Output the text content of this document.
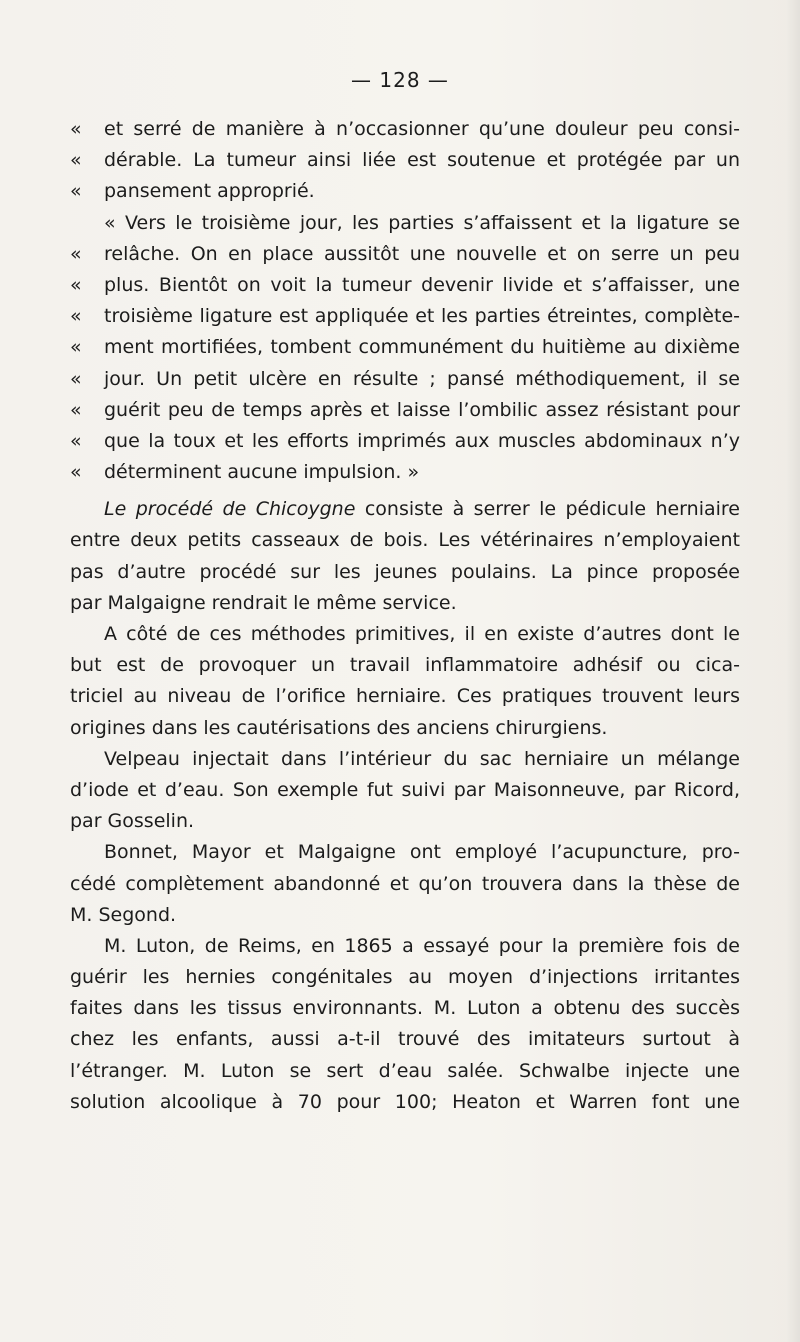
— 128 —
«	et serré de manière à n’occasionner qu’une douleur peu consi-
«	dérable. La tumeur ainsi liée est soutenue et protégée par un
«	pansement approprié.
« Vers le troisième jour, les parties s’affaissent et la ligature se
«	relâche. On en place aussitôt une nouvelle et on serre un peu
«	plus. Bientôt on voit la tumeur devenir livide et s’affaisser, une
«	troisième ligature est appliquée et les parties étreintes, complète-
«	ment mortifiées, tombent communément du huitième au dixième
«	jour. Un petit ulcère en résulte ; pansé méthodiquement, il se
«	guérit peu de temps après et laisse l’ombilic assez résistant pour
«	que la toux et les efforts imprimés aux muscles abdominaux n’y
«	déterminent aucune impulsion. »
Le procédé de Chicoygne consiste à serrer le pédicule herniaire
entre deux petits casseaux de bois. Les vétérinaires n’employaient
pas d’autre procédé sur les jeunes poulains. La pince proposée
par Malgaigne rendrait le même service.
A côté de ces méthodes primitives, il en existe d’autres dont le
but est de provoquer un travail inflammatoire adhésif ou cica-
triciel au niveau de l’orifice herniaire. Ces pratiques trouvent leurs
origines dans les cautérisations des anciens chirurgiens.
Velpeau injectait dans l’intérieur du sac herniaire un mélange
d’iode et d’eau. Son exemple fut suivi par Maisonneuve, par Ricord,
par Gosselin.
Bonnet, Mayor et Malgaigne ont employé l’acupuncture, pro-
cédé complètement abandonné et qu’on trouvera dans la thèse de
M. Segond.
M. Luton, de Reims, en 1865 a essayé pour la première fois de
guérir les hernies congénitales au moyen d’injections irritantes
faites dans les tissus environnants. M. Luton a obtenu des succès
chez les enfants, aussi a-t-il trouvé des imitateurs surtout à
l’étranger. M. Luton se sert d’eau salée. Schwalbe injecte une
solution alcoolique à 70 pour 100; Heaton et Warren font une
